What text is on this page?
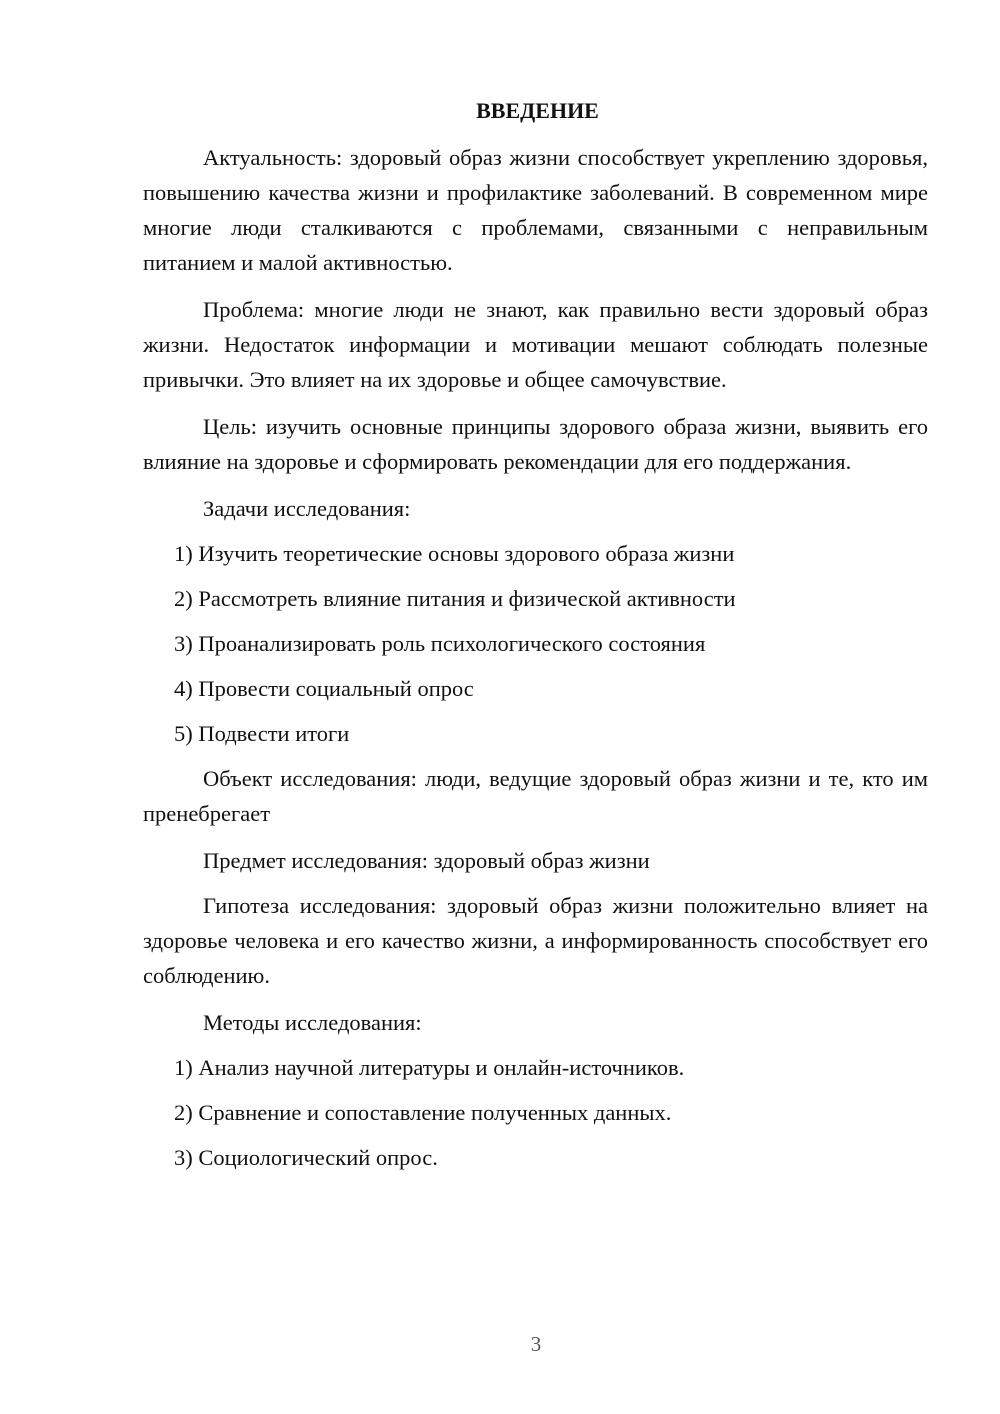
ВВЕДЕНИЕ

Актуальность: здоровый образ жизни способствует укреплению здоровья, повышению качества жизни и профилактике заболеваний. В современном мире многие люди сталкиваются с проблемами, связанными с неправильным питанием и малой активностью.

Проблема: многие люди не знают, как правильно вести здоровый образ жизни. Недостаток информации и мотивации мешают соблюдать полезные привычки. Это влияет на их здоровье и общее самочувствие.

Цель: изучить основные принципы здорового образа жизни, выявить его влияние на здоровье и сформировать рекомендации для его поддержания.

Задачи исследования:

1) Изучить теоретические основы здорового образа жизни

2) Рассмотреть влияние питания и физической активности

3) Проанализировать роль психологического состояния

4) Провести социальный опрос

5) Подвести итоги

Объект исследования: люди, ведущие здоровый образ жизни и те, кто им пренебрегает

Предмет исследования: здоровый образ жизни

Гипотеза исследования: здоровый образ жизни положительно влияет на здоровье человека и его качество жизни, а информированность способствует его соблюдению.

Методы исследования:

1) Анализ научной литературы и онлайн-источников.

2) Сравнение и сопоставление полученных данных.

3) Социологический опрос.

3
